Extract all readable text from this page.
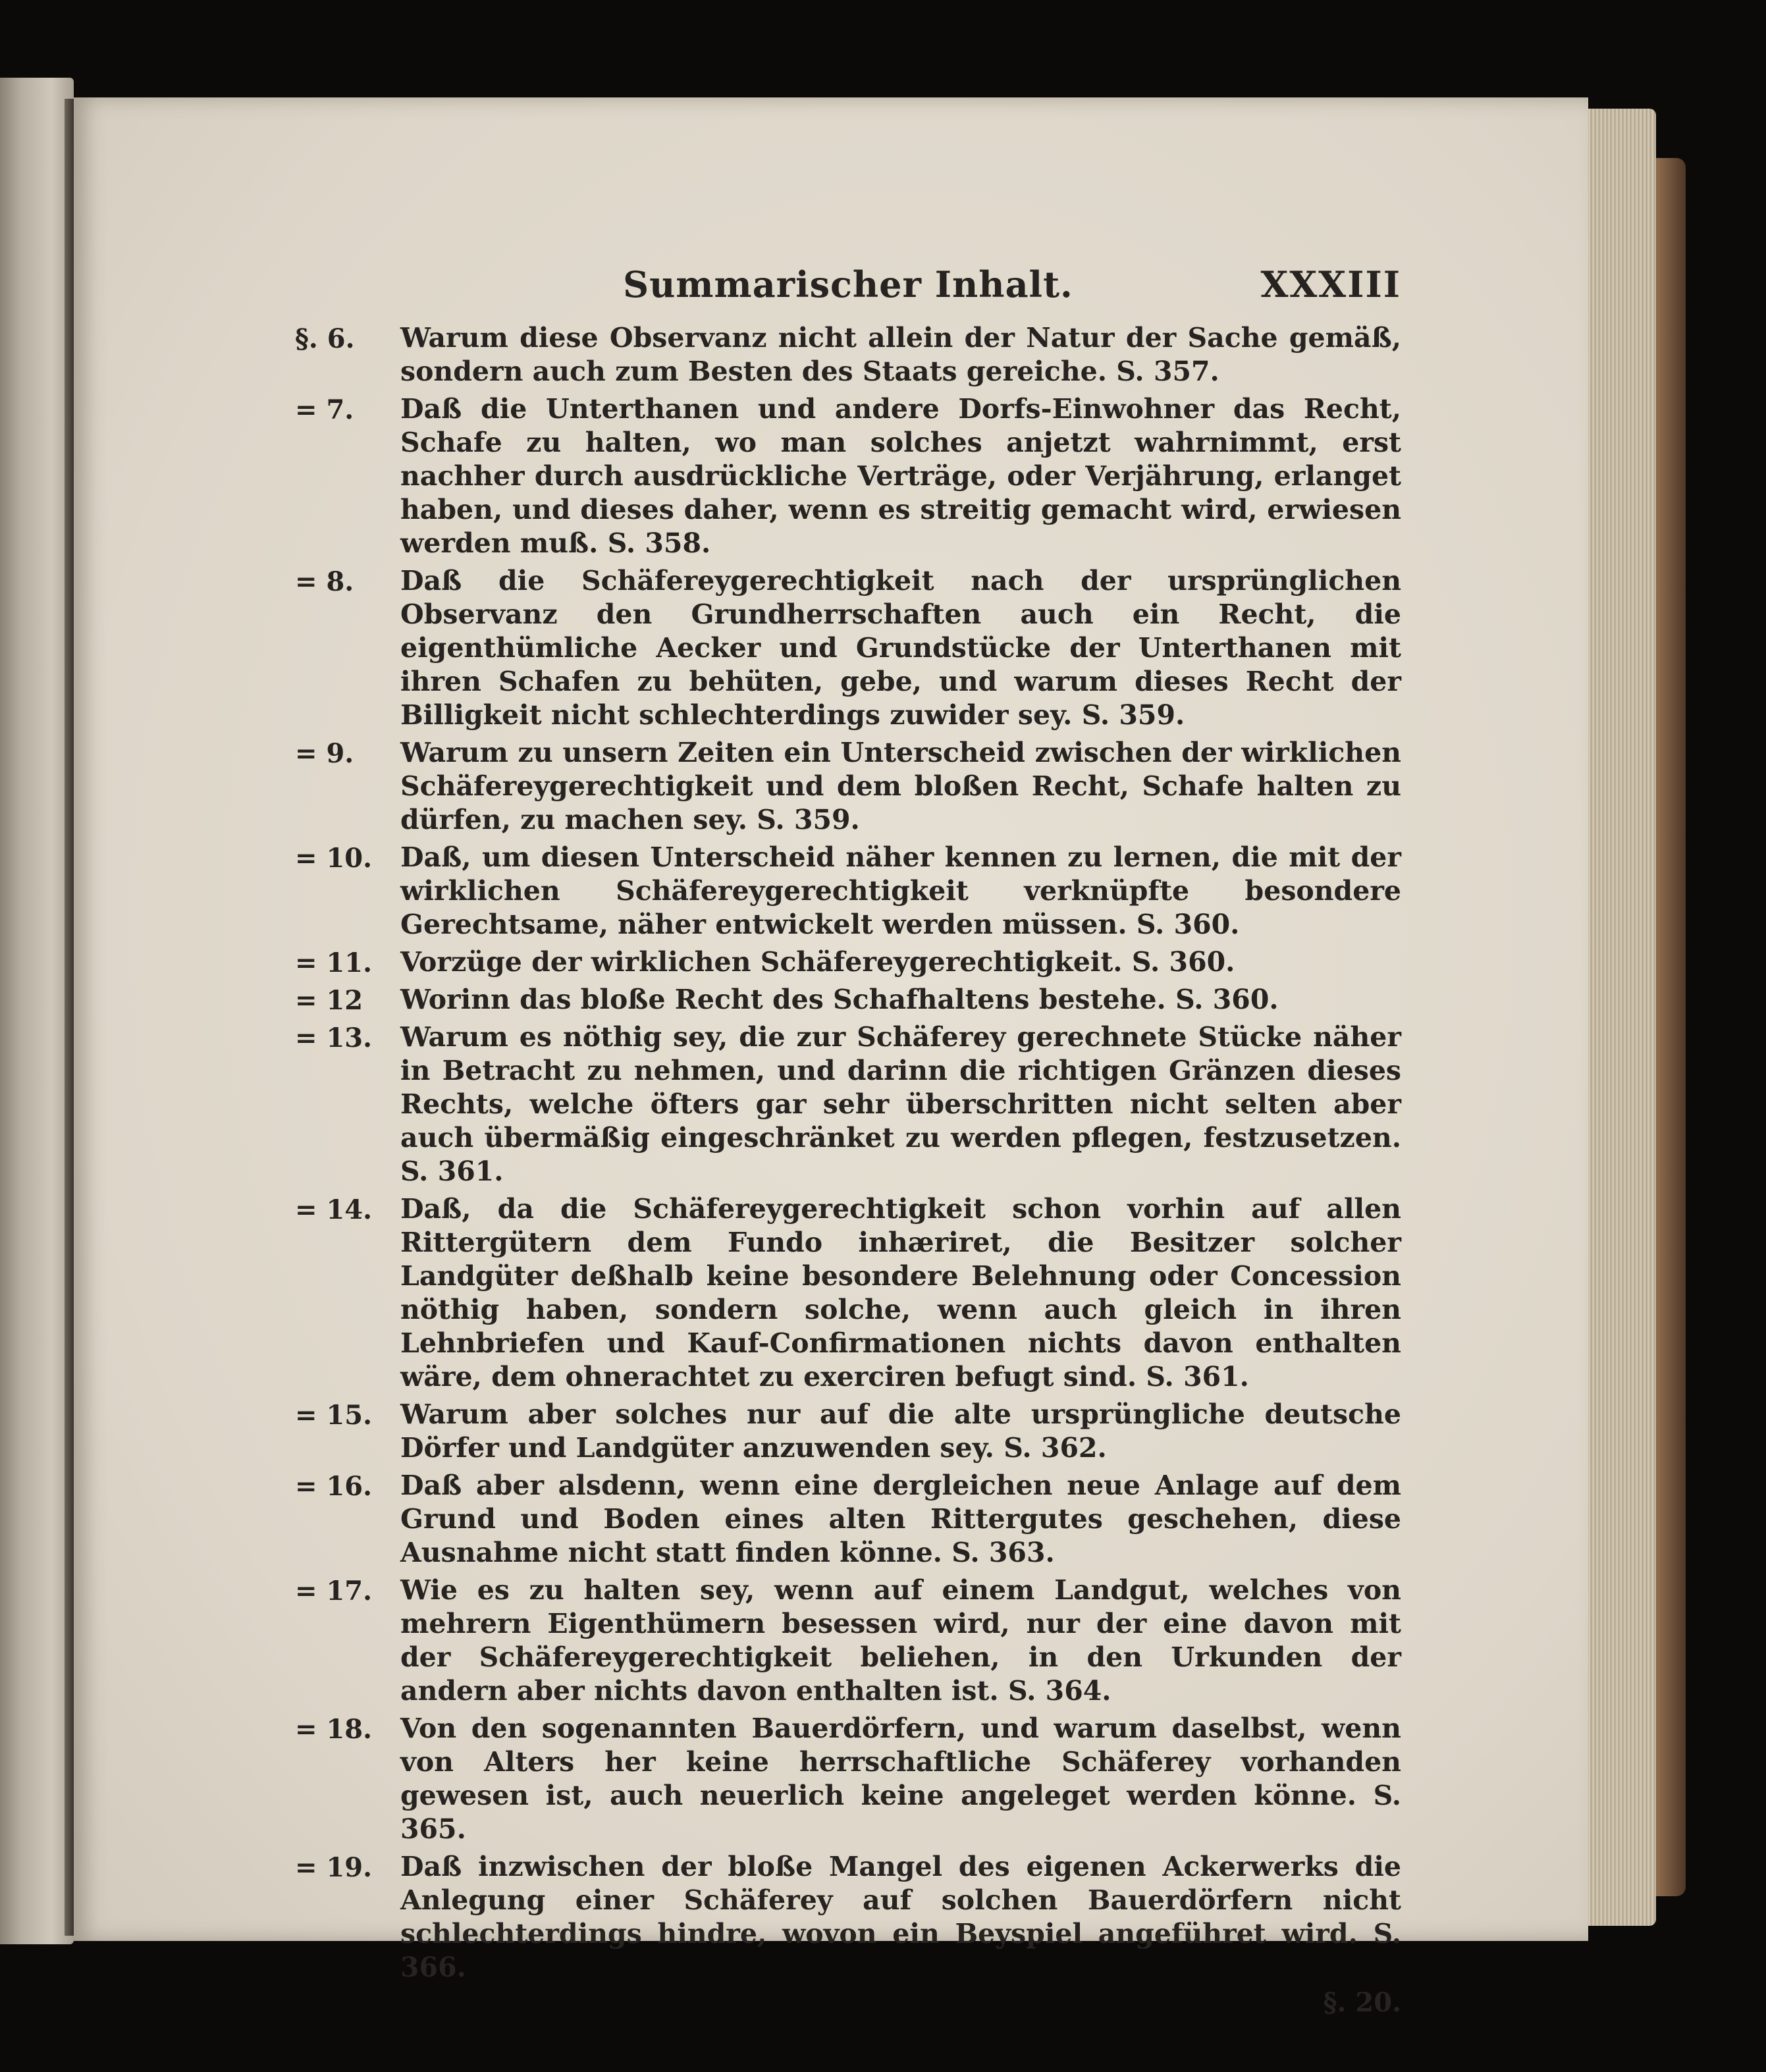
Summarischer Inhalt.	XXXIII
§. 6.	Warum diese Observanz nicht allein der Natur der Sache gemäß, sondern auch zum Besten des Staats gereiche. S. 357.
= 7.	Daß die Unterthanen und andere Dorfs-Einwohner das Recht, Schafe zu halten, wo man solches anjetzt wahrnimmt, erst nachher durch ausdrückliche Verträge, oder Verjährung, erlanget haben, und dieses daher, wenn es streitig gemacht wird, erwiesen werden muß. S. 358.
= 8.	Daß die Schäfereygerechtigkeit nach der ursprünglichen Observanz den Grundherrschaften auch ein Recht, die eigenthümliche Aecker und Grundstücke der Unterthanen mit ihren Schafen zu behüten, gebe, und warum dieses Recht der Billigkeit nicht schlechterdings zuwider sey. S. 359.
= 9.	Warum zu unsern Zeiten ein Unterscheid zwischen der wirklichen Schäfereygerechtigkeit und dem bloßen Recht, Schafe halten zu dürfen, zu machen sey. S. 359.
= 10.	Daß, um diesen Unterscheid näher kennen zu lernen, die mit der wirklichen Schäfereygerechtigkeit verknüpfte besondere Gerechtsame, näher entwickelt werden müssen. S. 360.
= 11.	Vorzüge der wirklichen Schäfereygerechtigkeit. S. 360.
= 12	Worinn das bloße Recht des Schafhaltens bestehe. S. 360.
= 13.	Warum es nöthig sey, die zur Schäferey gerechnete Stücke näher in Betracht zu nehmen, und darinn die richtigen Gränzen dieses Rechts, welche öfters gar sehr überschritten nicht selten aber auch übermäßig eingeschränket zu werden pflegen, festzusetzen. S. 361.
= 14.	Daß, da die Schäfereygerechtigkeit schon vorhin auf allen Rittergütern dem Fundo inhæriret, die Besitzer solcher Landgüter deßhalb keine besondere Belehnung oder Concession nöthig haben, sondern solche, wenn auch gleich in ihren Lehnbriefen und Kauf-Confirmationen nichts davon enthalten wäre, dem ohnerachtet zu exerciren befugt sind. S. 361.
= 15.	Warum aber solches nur auf die alte ursprüngliche deutsche Dörfer und Landgüter anzuwenden sey. S. 362.
= 16.	Daß aber alsdenn, wenn eine dergleichen neue Anlage auf dem Grund und Boden eines alten Rittergutes geschehen, diese Ausnahme nicht statt finden könne. S. 363.
= 17.	Wie es zu halten sey, wenn auf einem Landgut, welches von mehrern Eigenthümern besessen wird, nur der eine davon mit der Schäfereygerechtigkeit beliehen, in den Urkunden der andern aber nichts davon enthalten ist. S. 364.
= 18.	Von den sogenannten Bauerdörfern, und warum daselbst, wenn von Alters her keine herrschaftliche Schäferey vorhanden gewesen ist, auch neuerlich keine angeleget werden könne. S. 365.
= 19.	Daß inzwischen der bloße Mangel des eigenen Ackerwerks die Anlegung einer Schäferey auf solchen Bauerdörfern nicht schlechterdings hindre, wovon ein Beyspiel angeführet wird. S. 366.
§. 20.
